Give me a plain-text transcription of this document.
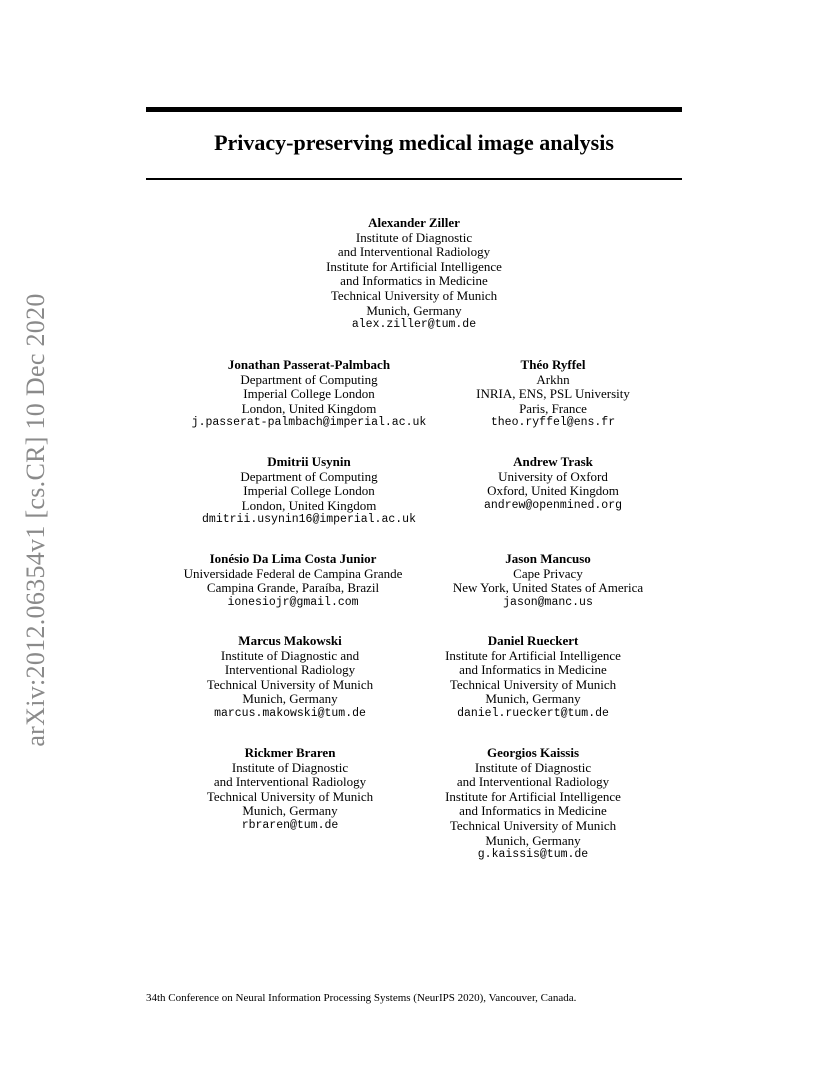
arXiv:2012.06354v1 [cs.CR] 10 Dec 2020
Privacy-preserving medical image analysis
Alexander Ziller
Institute of Diagnostic
and Interventional Radiology
Institute for Artificial Intelligence
and Informatics in Medicine
Technical University of Munich
Munich, Germany
alex.ziller@tum.de
Jonathan Passerat-Palmbach
Department of Computing
Imperial College London
London, United Kingdom
j.passerat-palmbach@imperial.ac.uk
Théo Ryffel
Arkhn
INRIA, ENS, PSL University
Paris, France
theo.ryffel@ens.fr
Dmitrii Usynin
Department of Computing
Imperial College London
London, United Kingdom
dmitrii.usynin16@imperial.ac.uk
Andrew Trask
University of Oxford
Oxford, United Kingdom
andrew@openmined.org
Ionésio Da Lima Costa Junior
Universidade Federal de Campina Grande
Campina Grande, Paraíba, Brazil
ionesiojr@gmail.com
Jason Mancuso
Cape Privacy
New York, United States of America
jason@manc.us
Marcus Makowski
Institute of Diagnostic and
Interventional Radiology
Technical University of Munich
Munich, Germany
marcus.makowski@tum.de
Daniel Rueckert
Institute for Artificial Intelligence
and Informatics in Medicine
Technical University of Munich
Munich, Germany
daniel.rueckert@tum.de
Rickmer Braren
Institute of Diagnostic
and Interventional Radiology
Technical University of Munich
Munich, Germany
rbraren@tum.de
Georgios Kaissis
Institute of Diagnostic
and Interventional Radiology
Institute for Artificial Intelligence
and Informatics in Medicine
Technical University of Munich
Munich, Germany
g.kaissis@tum.de
34th Conference on Neural Information Processing Systems (NeurIPS 2020), Vancouver, Canada.
